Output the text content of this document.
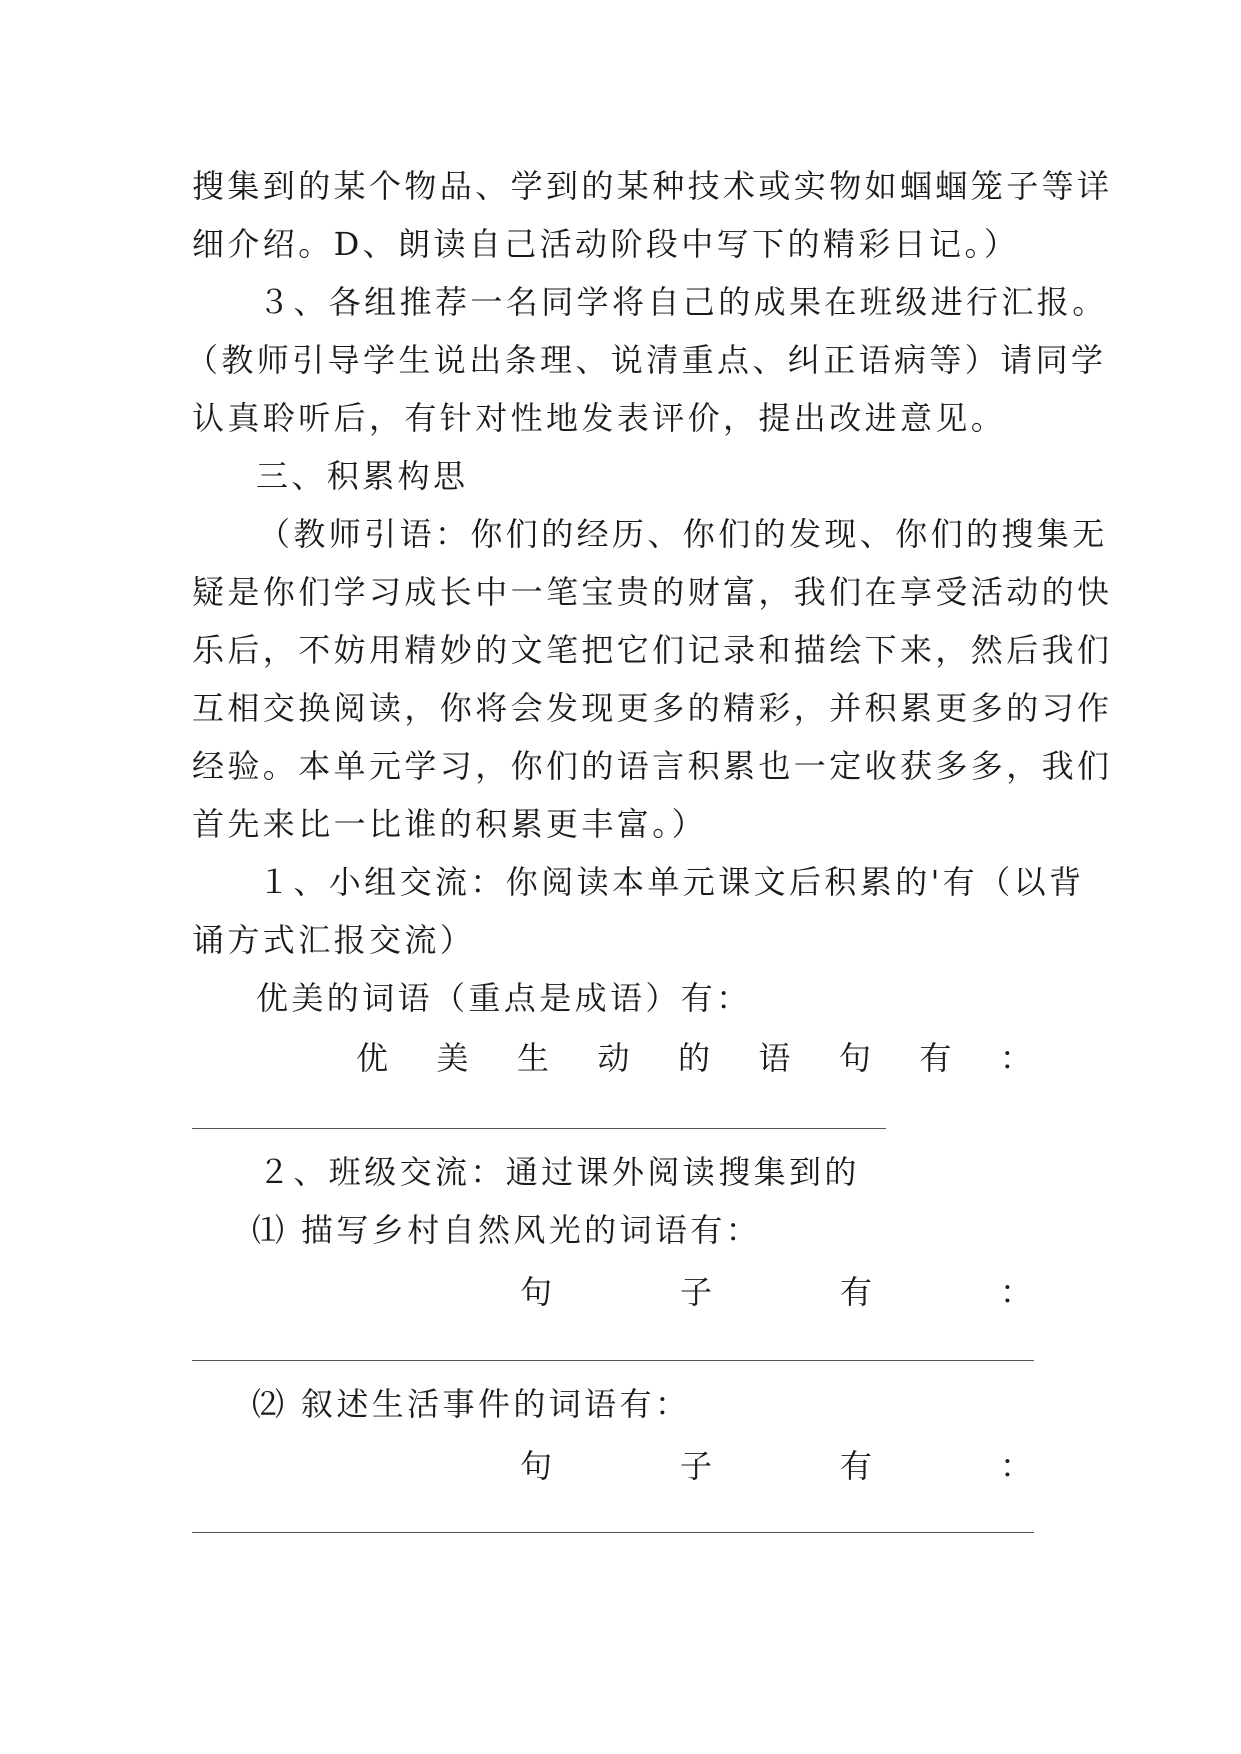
搜集到的某个物品、学到的某种技术或实物如蝈蝈笼子等详
细介绍。D、朗读自己活动阶段中写下的精彩日记。）
３、各组推荐一名同学将自己的成果在班级进行汇报。
（教师引导学生说出条理、说清重点、纠正语病等）请同学
认真聆听后，有针对性地发表评价，提出改进意见。
三、积累构思
（教师引语：你们的经历、你们的发现、你们的搜集无
疑是你们学习成长中一笔宝贵的财富，我们在享受活动的快
乐后，不妨用精妙的文笔把它们记录和描绘下来，然后我们
互相交换阅读，你将会发现更多的精彩，并积累更多的习作
经验。本单元学习，你们的语言积累也一定收获多多，我们
首先来比一比谁的积累更丰富。）
１、小组交流：你阅读本单元课文后积累的'有（以背
诵方式汇报交流）
优美的词语（重点是成语）有：
优 美 生 动 的 语 句 有 ：
２、班级交流：通过课外阅读搜集到的
⑴ 描写乡村自然风光的词语有：
句	子	有	：
⑵ 叙述生活事件的词语有：
句	子	有	：
